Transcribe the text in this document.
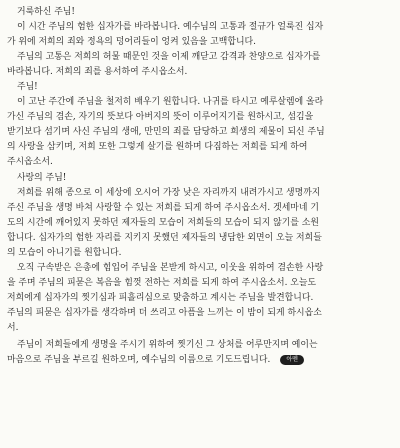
거룩하신 주님!
이 시간 주님의 험한 십자가를 바라봅니다. 예수님의 고통과 절규가 얼룩진 십자
가 위에 저희의 죄와 정욕의 덩어리들이 엉켜 있음을 고백합니다.
주님의 고통은 저희의 허물 때문인 것을 이제 깨닫고 감격과 찬양으로 십자가를
바라봅니다. 저희의 죄를 용서하여 주시옵소서.
주님!
이 고난 주간에 주님을 철저히 배우기 원합니다. 나귀를 타시고 예루살렘에 올라
가신 주님의 겸손, 자기의 뜻보다 아버지의 뜻이 이루어지기를 원하시고, 섬김을
받기보다 섬기며 사신 주님의 생애, 만민의 죄를 담당하고 희생의 제물이 되신 주님
의 사랑을 삼키며, 저희 또한 그렇게 살기를 원하며 다짐하는 저희를 되게 하여
주시옵소서.
사랑의 주님!
저희를 위해 종으로 이 세상에 오시어 가장 낮은 자리까지 내려가시고 생명까지
주신 주님을 생명 바쳐 사랑할 수 있는 저희를 되게 하여 주시옵소서. 겟세마네 기
도의 시간에 깨어있지 못하던 제자들의 모습이 저희들의 모습이 되지 않기를 소원
합니다. 십자가의 험한 자리를 지키지 못했던 제자들의 냉담한 외면이 오늘 저희들
의 모습이 아니기를 원합니다.
오직 구속받은 은총에 힘입어 주님을 본받게 하시고, 이웃을 위하여 겸손한 사랑
을 주며 주님의 피묻은 복음을 힘껏 전하는 저희를 되게 하여 주시옵소서. 오늘도
저희에게 십자가의 찟기심과 피흘리심으로 맞춤하고 계시는 주님을 발견합니다.
주님의 피묻은 십자가를 생각하며 더 쓰리고 아픔을 느끼는 이 밤이 되게 하시옵소
서.
주님이 저희들에게 생명을 주시기 위하여 찟기신 그 상처를 어루만지며 예이는
마음으로 주님을 부르길 원하오며, 예수님의 이름으로 기도드립니다.	아멘
